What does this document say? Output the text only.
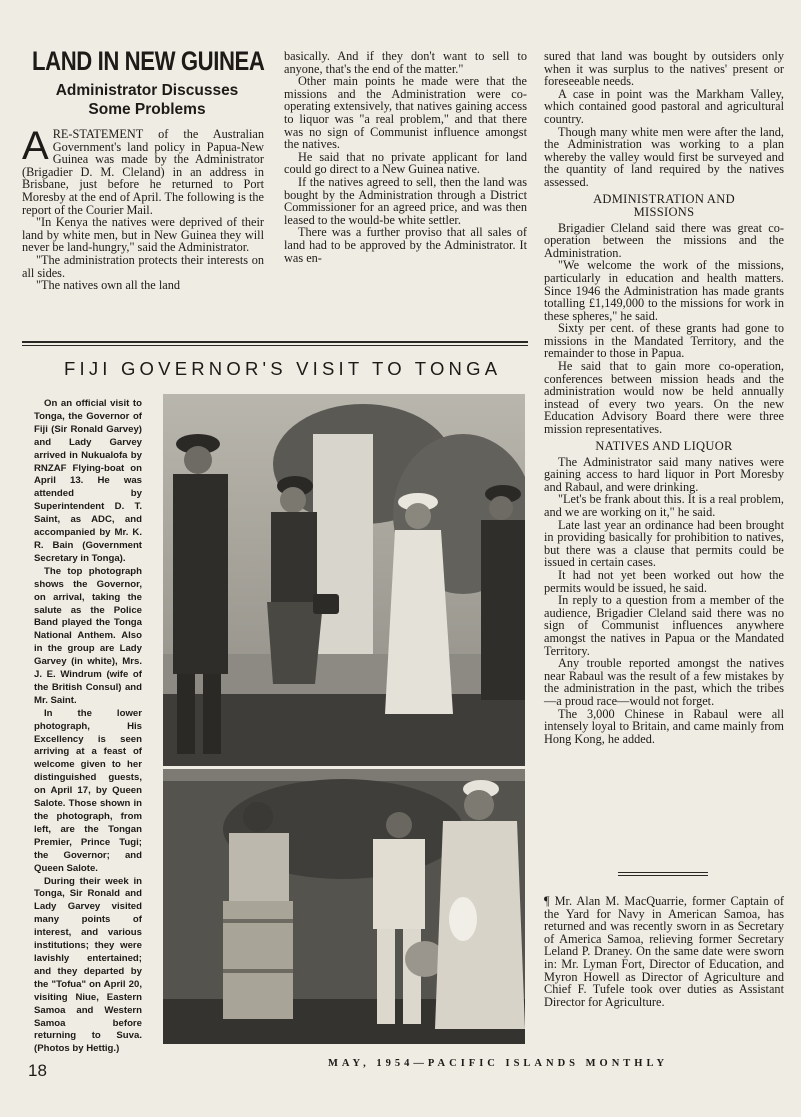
LAND IN NEW GUINEA
Administrator Discusses
Some Problems

ARE-STATEMENT of the Australian Government's land policy in Papua-New Guinea was made by the Administrator (Brigadier D. M. Cleland) in an address in Brisbane, just before he returned to Port Moresby at the end of April. The following is the report of the Courier Mail.

"In Kenya the natives were deprived of their land by white men, but in New Guinea they will never be land-hungry," said the Administrator.

"The administration protects their interests on all sides.

"The natives own all the land

basically. And if they don't want to sell to anyone, that's the end of the matter."

Other main points he made were that the missions and the Administration were co-operating extensively, that natives gaining access to liquor was "a real problem," and that there was no sign of Communist influence amongst the natives.

He said that no private applicant for land could go direct to a New Guinea native.

If the natives agreed to sell, then the land was bought by the Administration through a District Commissioner for an agreed price, and was then leased to the would-be white settler.

There was a further proviso that all sales of land had to be approved by the Administrator. It was en-

sured that land was bought by outsiders only when it was surplus to the natives' present or foreseeable needs.

A case in point was the Markham Valley, which contained good pastoral and agricultural country.

Though many white men were after the land, the Administration was working to a plan whereby the valley would first be surveyed and the quantity of land required by the natives assessed.

ADMINISTRATION AND
MISSIONS

Brigadier Cleland said there was great co-operation between the missions and the Administration.

"We welcome the work of the missions, particularly in education and health matters. Since 1946 the Administration has made grants totalling £1,149,000 to the missions for work in these spheres," he said.

Sixty per cent. of these grants had gone to missions in the Mandated Territory, and the remainder to those in Papua.

He said that to gain more co-operation, conferences between mission heads and the administration would now be held annually instead of every two years. On the new Education Advisory Board there were three mission representatives.

NATIVES AND LIQUOR

The Administrator said many natives were gaining access to hard liquor in Port Moresby and Rabaul, and were drinking.

"Let's be frank about this. It is a real problem, and we are working on it," he said.

Late last year an ordinance had been brought in providing basically for prohibition to natives, but there was a clause that permits could be issued in certain cases.

It had not yet been worked out how the permits would be issued, he said.

In reply to a question from a member of the audience, Brigadier Cleland said there was no sign of Communist influences anywhere amongst the natives in Papua or the Mandated Territory.

Any trouble reported amongst the natives near Rabaul was the result of a few mistakes by the administration in the past, which the tribes —a proud race—would not forget.

The 3,000 Chinese in Rabaul were all intensely loyal to Britain, and came mainly from Hong Kong, he added.

¶ Mr. Alan M. MacQuarrie, former Captain of the Yard for Navy in American Samoa, has returned and was recently sworn in as Secretary of America Samoa, relieving former Secretary Leland P. Draney. On the same date were sworn in: Mr. Lyman Fort, Director of Education, and Myron Howell as Director of Agriculture and Chief F. Tufele took over duties as Assistant Director for Agriculture.

FIJI GOVERNOR'S VISIT TO TONGA

On an official visit to Tonga, the Governor of Fiji (Sir Ronald Garvey) and Lady Garvey arrived in Nukualofa by RNZAF Flying-boat on April 13. He was attended by Superintendent D. T. Saint, as ADC, and accompanied by Mr. K. R. Bain (Government Secretary in Tonga).

The top photograph shows the Governor, on arrival, taking the salute as the Police Band played the Tonga National Anthem. Also in the group are Lady Garvey (in white), Mrs. J. E. Windrum (wife of the British Consul) and Mr. Saint.

In the lower photograph, His Excellency is seen arriving at a feast of welcome given to her distinguished guests, on April 17, by Queen Salote. Those shown in the photograph, from left, are the Tongan Premier, Prince Tugi; the Governor; and Queen Salote.

During their week in Tonga, Sir Ronald and Lady Garvey visited many points of interest, and various institutions; they were lavishly entertained; and they departed by the "Tofua" on April 20, visiting Niue, Eastern Samoa and Western Samoa before returning to Suva. (Photos by Hettig.)

18	MAY, 1954—PACIFIC ISLANDS MONTHLY
